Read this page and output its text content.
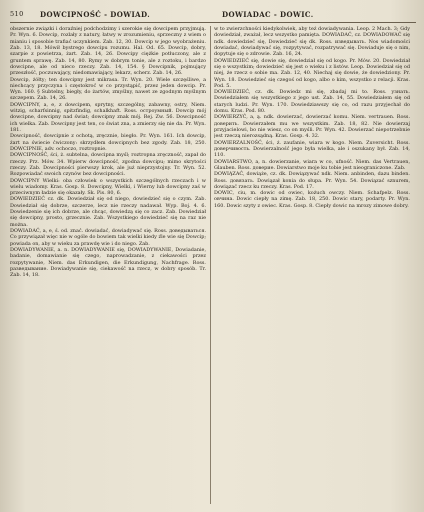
510 DOWCIPNOŚĆ - DOWIAD.	DOWIADAC - DOWIC.

obszernie związki i doraźniej podchodzimy i szerokie się dowcipem przyjmują. Pr. Wyn. 6. Dowcip, rozlały z natury, łatwy w zrozumieniu, sprzeczny z wiem o mianiu i sposobie trafiać uczynkiem. Zab. 12, 30. Dowcip w jego wyobrażeniu. Zab. 13, 18. Mówił bystrego dowcipu rozumu. Hal. Od. 65. Dowcip, dobry, szarpie z powietrza, żart. Zab. 14, 26. Dowcipy ciężkie potłuczony, ale z gruntem sprawę. Zab. 14, 80. Rymy w dobrym tonie, ale z roztoku, i bardzo dowcipne, ale od nieco rzeczy. Zab. 14, 154. § Dowcipnik, pojmujący przeszłość, poczuwający, niedomawiający, lekarz, scherz. Zab. 14, 26.

Dowcip, żółty; ten dowcipny jest mikrasa. Tr. Wyn. 20. Wiele szczęśliwe, a niechcący przyczyna i częstokroć w co przystąpić, przez jeden dowcip. Pr. Wyn. 160. § Subtelny, biegły, do żartów, zmyślny, nawet ze zgodnym myślnym szczepem. Zab. 14, 26.

DOWCIPNY, a, e, z dowcipem, sprytny, szczególny, zabawny, ostry, Niem. witzig, scharfsinnig, spitzfindig, schalkhaft. Ross. остроумный. Dowcip mój dowcipne, dowcipny nad świat; dowcipny znak mój. Rej. Zw. 56. Dowcipność ich wielka. Zab. Dowcipny jest ten, co świat zna, a zmierzy się nie da. Pr. Wyn. 181.

Dowcipność, dowcipnie z ochotą, zręcznie, biegło. Pr. Wyn. 161. Ich dowcip, żart na świecie ćwiczony: skrzydłem dowcipnych bez zgody. Zab. 18, 250. DOWCIPNIE, adv. ochoczo, roztropnie.

DOWCIPNOŚĆ, ści, ż. subtelna, dowcipna myśl; roztropna zręczność, zapał do rzeczy. Prz. Mów. 34. Wpierw dowcipność, zgodna dowcipu; mimo skrytości rzeczy. Zab. Dowcipności pierwszy krok, ale już nieprzystojny. Tr. Wyn. 52. Rozpowiadać swoich czynów bez dowcipności.

DOWCIPNY Wielki: oba człowiek o wszystkich szczególnych rzeczach i w wielu wiadomy. Kras. Gosp. 8. Dowcipny, Wielki, i Wierny lub dowcipny zaś w przeciwnym ładzie się okazały. Sk. Pis. 80, 6.

DOWIEDZIEĆ cz. dk. Dowiedział się od niego, dowiedzieć się o czym. Zab. Dowiedział się dobrze, szczerze, lecz nie rzeczy nadawał. Wyp. Boj. 4. 6. Dowiedzenie się ich dobrze, ale chcąc, dowiedzą się co zacz. Zab. Dowiedział się dowcipny, prosto, grzecznie. Zab. Wszystkiego dowiedzieć się na raz nie można.

DOWIADAĆ, a, e, ś. od. znać. dowiadać, dowiadywać się. Ross. доведываться. Co przywiązał więc nie w ogóle do bowiem tak wielki kiedy źle wie się Dowcip; powiada on, aby w wieku za prawdę wie i do niego. Zab.

DOWIADYWANIE, a. n. DOWIADYWANIE się, DOWIADYWANIE, Dowiadanie, badanie, domawianie się czego, naprowadzanie, z ciekawości przez rozpytywanie, Niem. das Erkundigen, die Erkundigung, Nachfrage. Ross. разведывание. Dowiadywanie się, ciekawość na rzecz, w dobry sposób. Tr. Zab. 14, 18.

w to zwierzchności kiedykolwiek, aby też dowiadywania. Leop. 2 Mach. 3; Gdy dowiedział, zważał, lecz wszystko pamięta. DOWIADAĆ, cz. DOWIADOWAĆ się ndk. dowiedzieć się, Dowiedzieć się dk. Ross. изведывать. Nos wiadomości dowiadać, dowiadywać się, rozpytywać, rozpatrywać się. Dowiaduje się o nim, dopytuje się o zdrowie. Zab. 16, 24.

DOWIEDZIEĆ się, dowie się, dowiedział się od kogo. Pr. Mów. 20. Dowiedział się o wszystkim; dowiedzieć się jest o wieku i z listów. Leop. Dowiedział się od niej, że rzecz o sobie ma. Zab. 12, 40. Niechaj się dowie, że dowiedziony. Pr. Wyn. 18. Dowiedzieć się czegoś od kogo, albo o kim, wszystko z relacji. Kras. Pod. 5.

DOWIEDZIEĆ, cz. dk. Dowiedz mi się, zbadaj mi to. Ross. узнать. Dowiedziałem się wszystkiego z jego ust. Zab. 14, 55. Dowiedziałem się od starych ludzi. Pr. Wyn. 170. Dowiedziawszy się co, od razu przyjechał do domu. Kras. Pod. 80.

DOWIERZYĆ, a, ą. ndk. dowierzać, dowierzać komu. Niem. vertrauen. Ross. доверить. Dowierzałem mu we wszystkim. Zab. 18, 82. Nie dowierzaj przyjacielowi, bo nie wiesz, co on myśli. Pr. Wyn. 42. Dowierzać niepotrzebnie jest rzeczą nierozsądną. Kras. Gosp. 4. 32.

DOWIERZALNOŚĆ, ści, ż. zaufanie, wiara w kogo. Niem. Zuversicht. Ross. доверчивость. Dowierzalność jego była wielka, ale i oszukany był. Zab. 14, 110.

DOWIARSTWO, a, n. dowierzanie, wiara w co, ufność. Niem. das Vertrauen, Glauben. Ross. доверие. Dowiarstwo moje ku tobie jest nieograniczone. Zab.

DOWIĄZAĆ, dowiąże, cz. dk. Dowiązywać ndk. Niem. anbinden, dazu binden. Ross. довязать. Dowiązał konia do słupa. Pr. Wyn. 54. Dowiązać sznurem, dowiązać rzecz ku rzeczy. Kras. Pod. 17.

DOWIC, ciu, m. dowic od owiec, kożuch owczy. Niem. Schafpelz. Ross. овчина. Dowic ciepły na zimę. Zab. 18, 250. Dowic stary, podarty. Pr. Wyn. 160. Dowic szyty z owiec. Kras. Gosp. 8. Ciepły dowic na mrozy zimowe dobry.
